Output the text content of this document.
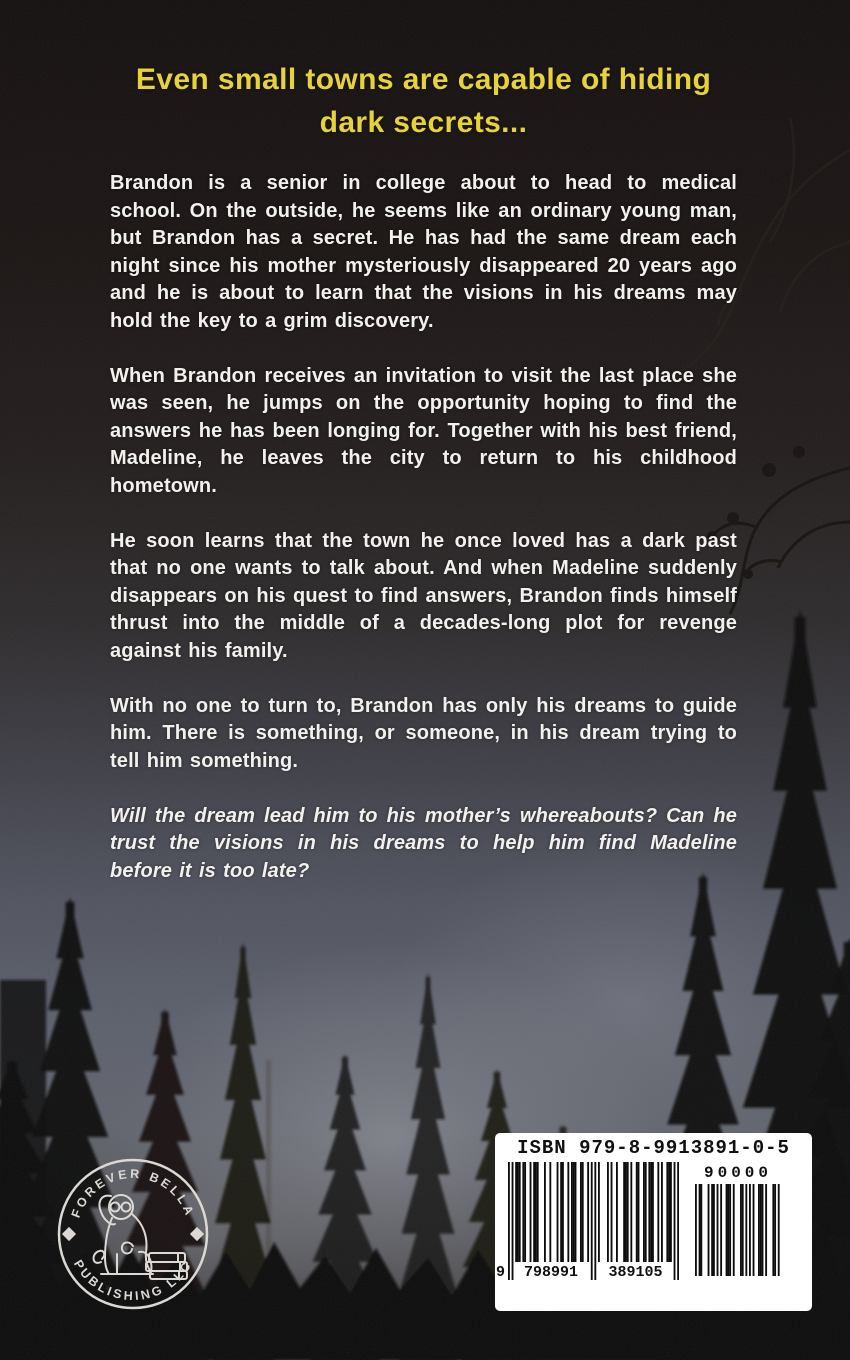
Even small towns are capable of hiding
dark secrets...

Brandon is a senior in college about to head to medical school. On the outside, he seems like an ordinary young man, but Brandon has a secret. He has had the same dream each night since his mother mysteriously disappeared 20 years ago and he is about to learn that the visions in his dreams may hold the key to a grim discovery.

When Brandon receives an invitation to visit the last place she was seen, he jumps on the opportunity hoping to find the answers he has been longing for. Together with his best friend, Madeline, he leaves the city to return to his childhood hometown.

He soon learns that the town he once loved has a dark past that no one wants to talk about. And when Madeline suddenly disappears on his quest to find answers, Brandon finds himself thrust into the middle of a decades-long plot for revenge against his family.

With no one to turn to, Brandon has only his dreams to guide him. There is something, or someone, in his dream trying to tell him something.

Will the dream lead him to his mother’s whereabouts? Can he trust the visions in his dreams to help him find Madeline before it is too late?

FOREVER BELLA
PUBLISHING LLC
ISBN 979-8-9913891-0-5
9	798991	389105
90000
